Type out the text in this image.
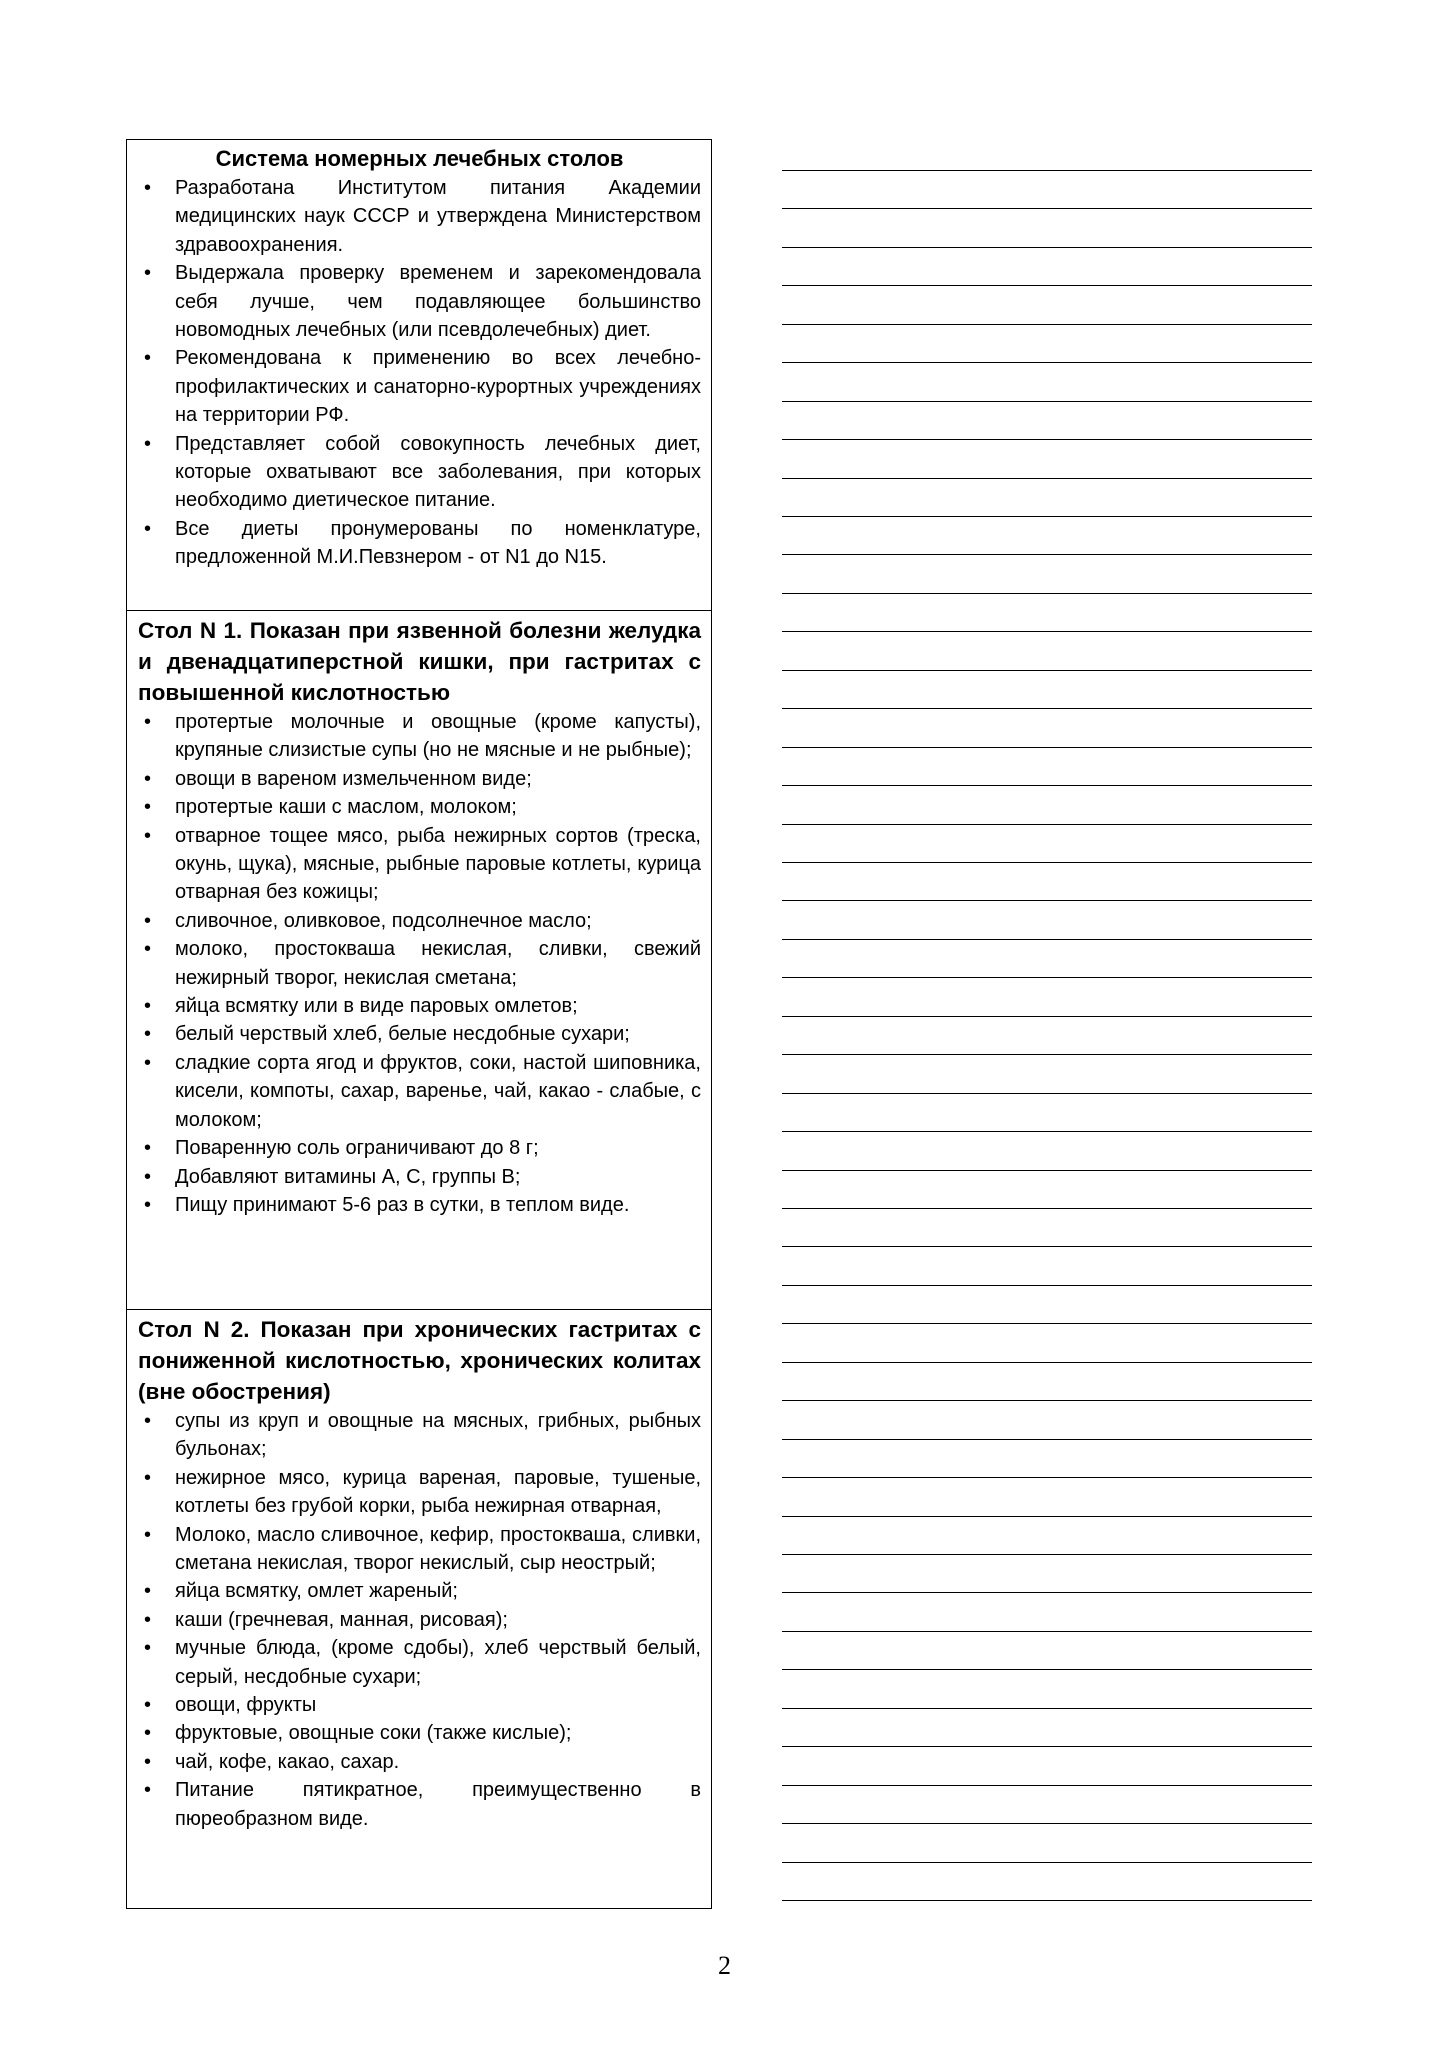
Система номерных лечебных столов
• Разработана Институтом питания Академии медицинских наук СССР и утверждена Министерством здравоохранения.
• Выдержала проверку временем и зарекомендовала себя лучше, чем подавляющее большинство новомодных лечебных (или псевдолечебных) диет.
• Рекомендована к применению во всех лечебно-профилактических и санаторно-курортных учреждениях на территории РФ.
• Представляет собой совокупность лечебных диет, которые охватывают все заболевания, при которых необходимо диетическое питание.
• Все диеты пронумерованы по номенклатуре, предложенной М.И.Певзнером - от N1 до N15.
Стол N 1. Показан при язвенной болезни желудка и двенадцатиперстной кишки, при гастритах с повышенной кислотностью
• протертые молочные и овощные (кроме капусты), крупяные слизистые супы (но не мясные и не рыбные);
• овощи в вареном измельченном виде;
• протертые каши с маслом, молоком;
• отварное тощее мясо, рыба нежирных сортов (треска, окунь, щука), мясные, рыбные паровые котлеты, курица отварная без кожицы;
• сливочное, оливковое, подсолнечное масло;
• молоко, простокваша некислая, сливки, свежий нежирный творог, некислая сметана;
• яйца всмятку или в виде паровых омлетов;
• белый черствый хлеб, белые несдобные сухари;
• сладкие сорта ягод и фруктов, соки, настой шиповника, кисели, компоты, сахар, варенье, чай, какао - слабые, с молоком;
• Поваренную соль ограничивают до 8 г;
• Добавляют витамины А, С, группы В;
• Пищу принимают 5-6 раз в сутки, в теплом виде.
Стол N 2. Показан при хронических гастритах с пониженной кислотностью, хронических колитах (вне обострения)
• супы из круп и овощные на мясных, грибных, рыбных бульонах;
• нежирное мясо, курица вареная, паровые, тушеные, котлеты без грубой корки, рыба нежирная отварная,
• Молоко, масло сливочное, кефир, простокваша, сливки, сметана некислая, творог некислый, сыр неострый;
• яйца всмятку, омлет жареный;
• каши (гречневая, манная, рисовая);
• мучные блюда, (кроме сдобы), хлеб черствый белый, серый, несдобные сухари;
• овощи, фрукты
• фруктовые, овощные соки (также кислые);
• чай, кофе, какао, сахар.
• Питание пятикратное, преимущественно в пюреобразном виде.
2
